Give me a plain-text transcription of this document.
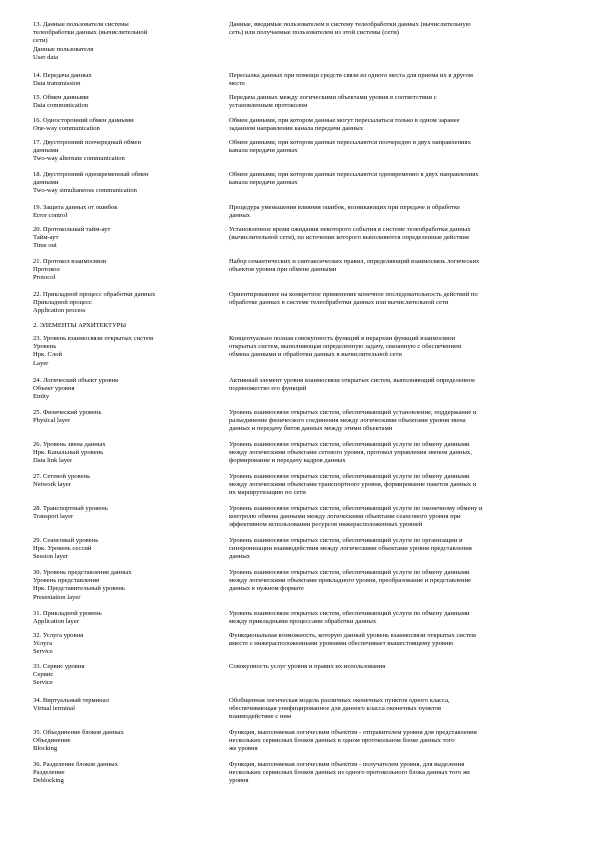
13. Данные пользователя системы
телеобработки данных (вычислительной
сети)
Данные пользователя
User data
Данные, вводимые пользователем в систему телеобработки данных (вычислительную
сеть) или получаемые пользователем из этой системы (сети)
14. Передача данных
Data transmission
Пересылка данных при помощи средств связи из одного места для приема их в другом
месте
15. Обмен данными
Data communication
Передача данных между логическими объектами уровня в соответствии с
установленным протоколом
16. Односторонний обмен данными
One-way communication
Обмен данными, при котором данные могут пересылаться только в одном заранее
заданном направлении канала передачи данных
17. Двусторонний поочередный обмен
данными
Two-way alternate communication
Обмен данными, при котором данные пересылаются поочередно в двух направлениях
канала передачи данных
18. Двусторонний одновременный обмен
данными
Two-way simultaneous communication
Обмен данными, при котором данные пересылаются одновременно в двух направлениях
канала передачи данных
19. Защита данных от ошибок
Error control
Процедура уменьшения влияния ошибок, возникающих при передаче и обработке
данных
20. Протокольный тайм-аут
Тайм-аут
Time out
Установленное время ожидания некоторого события в системе телеобработки данных
(вычислительной сети), по истечении которого выполняются определенные действия
21. Протокол взаимосвязи
Протокол
Protocol
Набор семантических и синтаксических правил, определяющий взаимосвязь логических
объектов уровня при обмене данными
22. Прикладной процесс обработки данных
Прикладной процесс
Application process
Ориентированное на конкретное применение конечное последовательность действий по
обработке данных в системе телеобработки данных или вычислительной сети
2. ЭЛЕМЕНТЫ АРХИТЕКТУРЫ
23. Уровень взаимосвязи открытых систем
Уровень
Нрк. Слой
Layer
Концептуально полная совокупность функций в иерархии функций взаимосвязи
открытых систем, выполняющая определенную задачу, связанную с обеспечением
обмена данными и обработки данных в вычислительной сети
24. Логический объект уровня
Объект уровня
Entity
Активный элемент уровня взаимосвязи открытых систем, выполняющий определенное
подмножество его функций
25. Физический уровень
Physical layer
Уровень взаимосвязи открытых систем, обеспечивающий установление, поддержание и
разъединение физического соединения между логическими объектами уровня звена
данных и передачу битов данных между этими объектами
26. Уровень звена данных
Нрк. Канальный уровень
Data link layer
Уровень взаимосвязи открытых систем, обеспечивающий услуги по обмену данными
между логическими объектами сетевого уровня, протокол управления звеном данных,
формирование и передачу кадров данных
27. Сетевой уровень
Network layer
Уровень взаимосвязи открытых систем, обеспечивающий услуги по обмену данными
между логическими объектами транспортного уровня, формирование пакетов данных и
их маршрутизацию по сети
28. Транспортный уровень
Transport layer
Уровень взаимосвязи открытых систем, обеспечивающий услуги по оконечному обмену и
контролю обмена данными между логическими объектами сеансового уровня при
эффективном использовании ресурсов нижерасположенных уровней
29. Сеансовый уровень
Нрк. Уровень сессий
Session layer
Уровень взаимосвязи открытых систем, обеспечивающий услуги по организации и
синхронизации взаимодействия между логическими объектами уровня представления
данных
30. Уровень представления данных
Уровень представления
Нрк. Представительный уровень
Presentation layer
Уровень взаимосвязи открытых систем, обеспечивающий услуги по обмену данными
между логическими объектами прикладного уровня, преобразование и представление
данных в нужном формате
31. Прикладной уровень
Application layer
Уровень взаимосвязи открытых систем, обеспечивающий услуги по обмену данными
между прикладными процессами обработки данных
32. Услуга уровня
Услуга
Service
Функциональная возможность, которую данный уровень взаимосвязи открытых систем
вместе с нижерасположенными уровнями обеспечивает вышестоящему уровню
33. Сервис уровня
Сервис
Service
Совокупность услуг уровня и правил их использования
34. Виртуальный терминал
Virtual terminal
Обобщенная логическая модель различных оконечных пунктов одного класса,
обеспечивающая унифицированное для данного класса оконечных пунктов
взаимодействие с ним
35. Объединение блоков данных
Объединение
Blocking
Функция, выполняемая логическим объектом - отправителем уровня для представления
нескольких сервисных блоков данных в одном протокольном блоке данных того
же уровня
36. Разделение блоков данных
Разделение
Deblocking
Функция, выполняемая логическим объектом - получателем уровня, для выделения
нескольких сервисных блоков данных из одного протокольного блока данных того же
уровня
